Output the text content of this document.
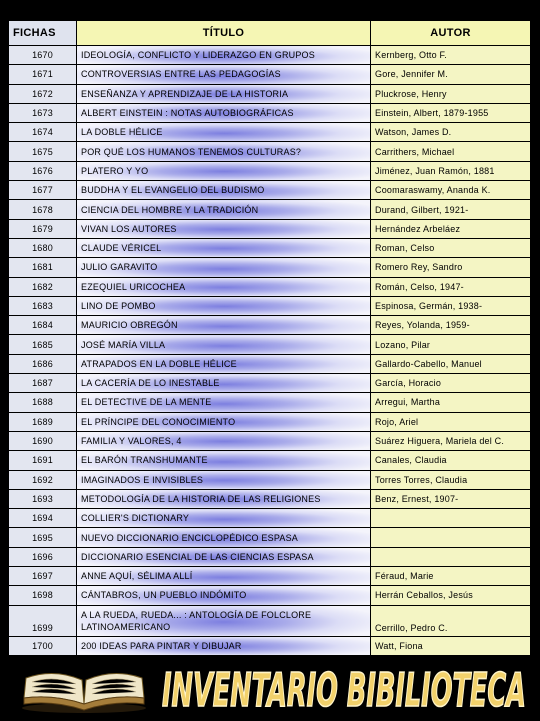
FICHAS	TÍTULO	AUTOR
1670	IDEOLOGÍA, CONFLICTO Y LIDERAZGO EN GRUPOS	Kernberg, Otto F.
1671	CONTROVERSIAS ENTRE LAS PEDAGOGÍAS	Gore, Jennifer M.
1672	ENSEÑANZA Y APRENDIZAJE DE LA HISTORIA	Pluckrose, Henry
1673	ALBERT EINSTEIN : NOTAS AUTOBIOGRÁFICAS	Einstein, Albert, 1879-1955
1674	LA DOBLE HÉLICE	Watson, James D.
1675	POR QUÉ LOS HUMANOS TENEMOS CULTURAS?	Carrithers, Michael
1676	PLATERO Y YO	Jiménez, Juan Ramón, 1881
1677	BUDDHA Y EL EVANGELIO DEL BUDISMO	Coomaraswamy, Ananda K.
1678	CIENCIA DEL HOMBRE Y LA TRADICIÓN	Durand, Gilbert, 1921-
1679	VIVAN LOS AUTORES	Hernández Arbeláez
1680	CLAUDE VÉRICEL	Roman, Celso
1681	JULIO GARAVITO	Romero Rey, Sandro
1682	EZEQUIEL URICOCHEA	Román, Celso, 1947-
1683	LINO DE POMBO	Espinosa, Germán, 1938-
1684	MAURICIO OBREGÓN	Reyes, Yolanda, 1959-
1685	JOSÉ MARÍA VILLA	Lozano, Pilar
1686	ATRAPADOS EN LA DOBLE HÉLICE	Gallardo-Cabello, Manuel
1687	LA CACERÍA DE LO INESTABLE	García, Horacio
1688	EL DETECTIVE DE LA MENTE	Arregui, Martha
1689	EL PRÍNCIPE DEL CONOCIMIENTO	Rojo, Ariel
1690	FAMILIA Y VALORES, 4	Suárez Higuera, Mariela del C.
1691	EL BARÓN TRANSHUMANTE	Canales, Claudia
1692	IMAGINADOS E INVISIBLES	Torres Torres, Claudia
1693	METODOLOGÍA DE LA HISTORIA DE LAS RELIGIONES	Benz, Ernest, 1907-
1694	COLLIER'S DICTIONARY	
1695	NUEVO DICCIONARIO ENCICLOPÉDICO ESPASA	
1696	DICCIONARIO ESENCIAL DE LAS CIENCIAS ESPASA	
1697	ANNE AQUÍ, SÉLIMA ALLÍ	Féraud, Marie
1698	CÁNTABROS, UN PUEBLO INDÓMITO	Herrán Ceballos, Jesús
1699	A LA RUEDA, RUEDA... : ANTOLOGÍA DE FOLCLORE LATINOAMERICANO	Cerrillo, Pedro C.
1700	200 IDEAS PARA PINTAR Y DIBUJAR	Watt, Fiona
INVENTARIO BIBILIOTECA
